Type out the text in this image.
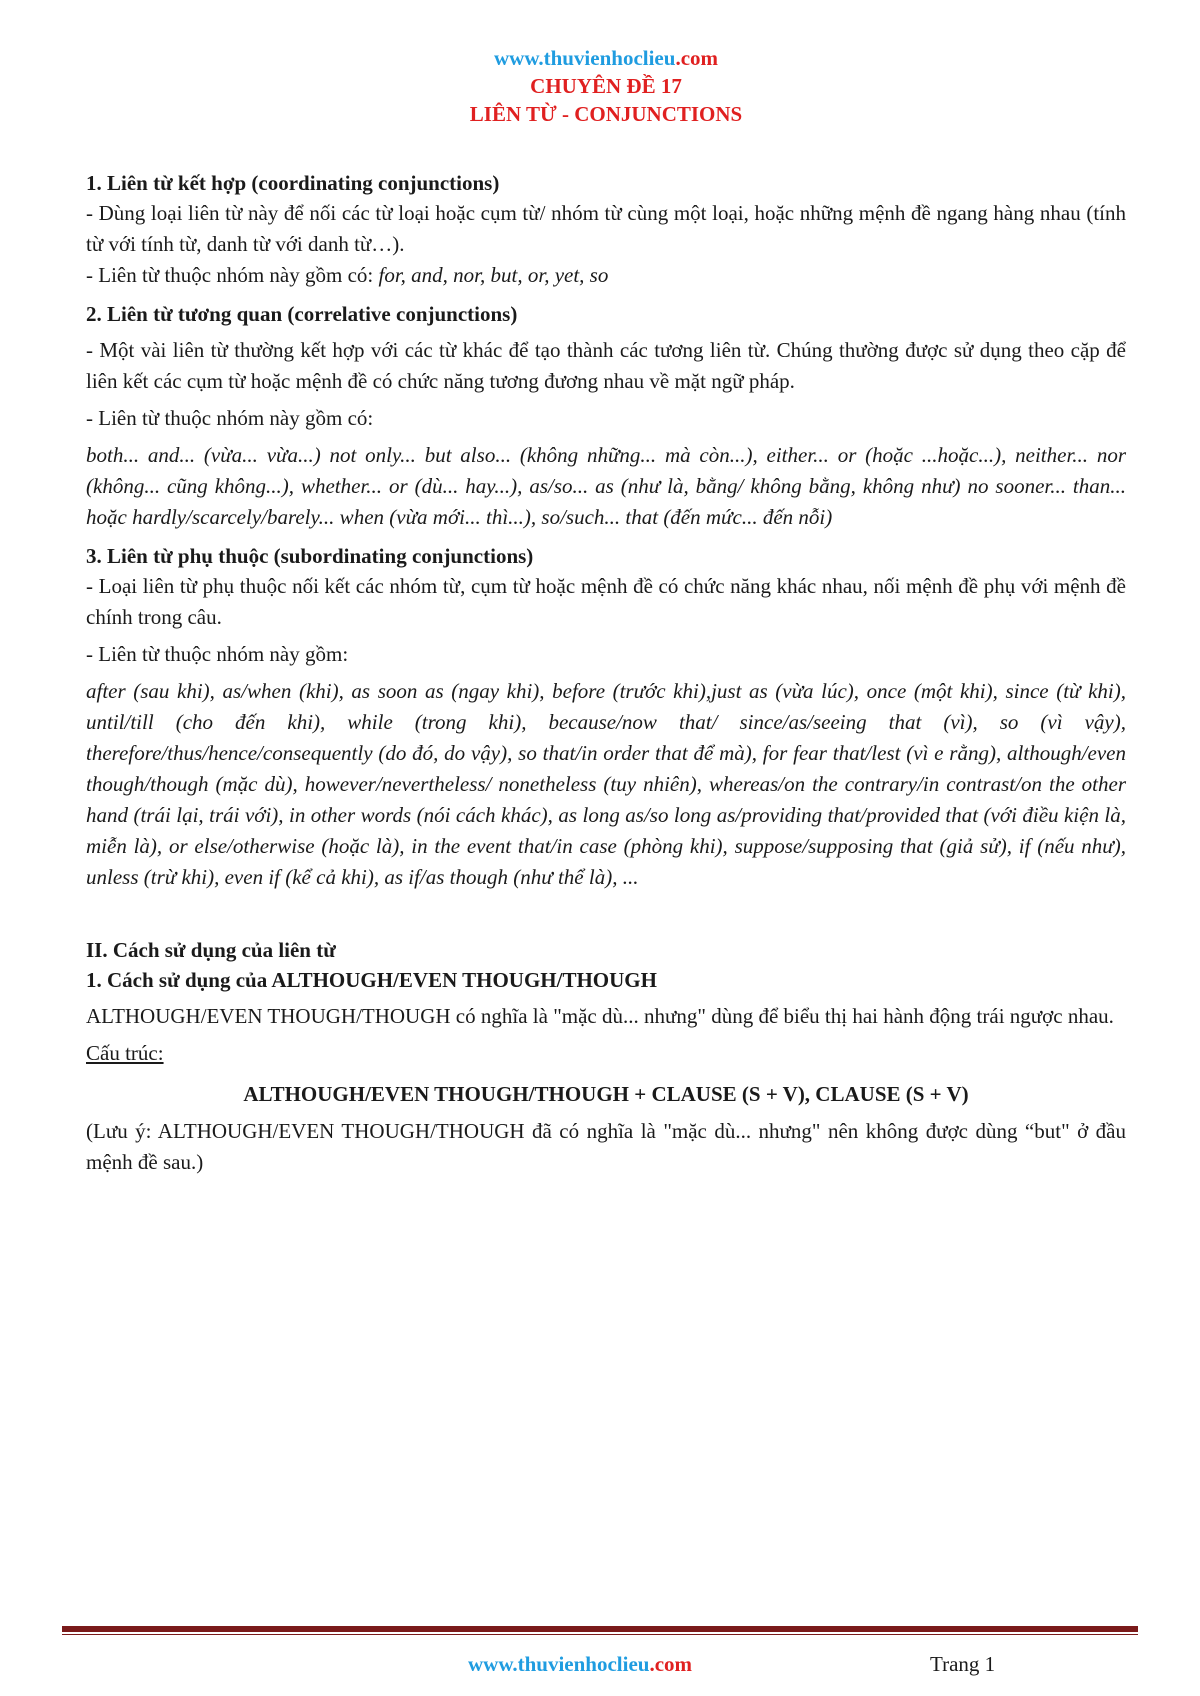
www.thuvienhoclieu.com
CHUYÊN ĐỀ 17
LIÊN TỪ - CONJUNCTIONS
1. Liên từ kết hợp (coordinating conjunctions)

- Dùng loại liên từ này để nối các từ loại hoặc cụm từ/ nhóm từ cùng một loại, hoặc những mệnh đề ngang hàng nhau (tính từ với tính từ, danh từ với danh từ…).

- Liên từ thuộc nhóm này gồm có: for, and, nor, but, or, yet, so

2. Liên từ tương quan (correlative conjunctions)

- Một vài liên từ thường kết hợp với các từ khác để tạo thành các tương liên từ. Chúng thường được sử dụng theo cặp để liên kết các cụm từ hoặc mệnh đề có chức năng tương đương nhau về mặt ngữ pháp.

- Liên từ thuộc nhóm này gồm có:

both... and... (vừa... vừa...) not only... but also... (không những... mà còn...), either... or (hoặc ...hoặc...), neither... nor (không... cũng không...), whether... or (dù... hay...), as/so... as (như là, bằng/ không bằng, không như) no sooner... than... hoặc hardly/scarcely/barely... when (vừa mới... thì...), so/such... that (đến mức... đến nỗi)

3. Liên từ phụ thuộc (subordinating conjunctions)

- Loại liên từ phụ thuộc nối kết các nhóm từ, cụm từ hoặc mệnh đề có chức năng khác nhau, nối mệnh đề phụ với mệnh đề chính trong câu.

- Liên từ thuộc nhóm này gồm:

after (sau khi), as/when (khi), as soon as (ngay khi), before (trước khi),just as (vừa lúc), once (một khi), since (từ khi), until/till (cho đến khi), while (trong khi), because/now that/ since/as/seeing that (vì), so (vì vậy), therefore/thus/hence/consequently (do đó, do vậy), so that/in order that để mà), for fear that/lest (vì e rằng), although/even though/though (mặc dù), however/nevertheless/ nonetheless (tuy nhiên), whereas/on the contrary/in contrast/on the other hand (trái lại, trái với), in other words (nói cách khác), as long as/so long as/providing that/provided that (với điều kiện là, miễn là), or else/otherwise (hoặc là), in the event that/in case (phòng khi), suppose/supposing that (giả sử), if (nếu như), unless (trừ khi), even if (kể cả khi), as if/as though (như thể là), ...

II. Cách sử dụng của liên từ
1. Cách sử dụng của ALTHOUGH/EVEN THOUGH/THOUGH

ALTHOUGH/EVEN THOUGH/THOUGH có nghĩa là "mặc dù... nhưng" dùng để biểu thị hai hành động trái ngược nhau.

Cấu trúc:

ALTHOUGH/EVEN THOUGH/THOUGH + CLAUSE (S + V), CLAUSE (S + V)

(Lưu ý: ALTHOUGH/EVEN THOUGH/THOUGH đã có nghĩa là "mặc dù... nhưng" nên không được dùng “but" ở đầu mệnh đề sau.)

www.thuvienhoclieu.com	Trang 1
